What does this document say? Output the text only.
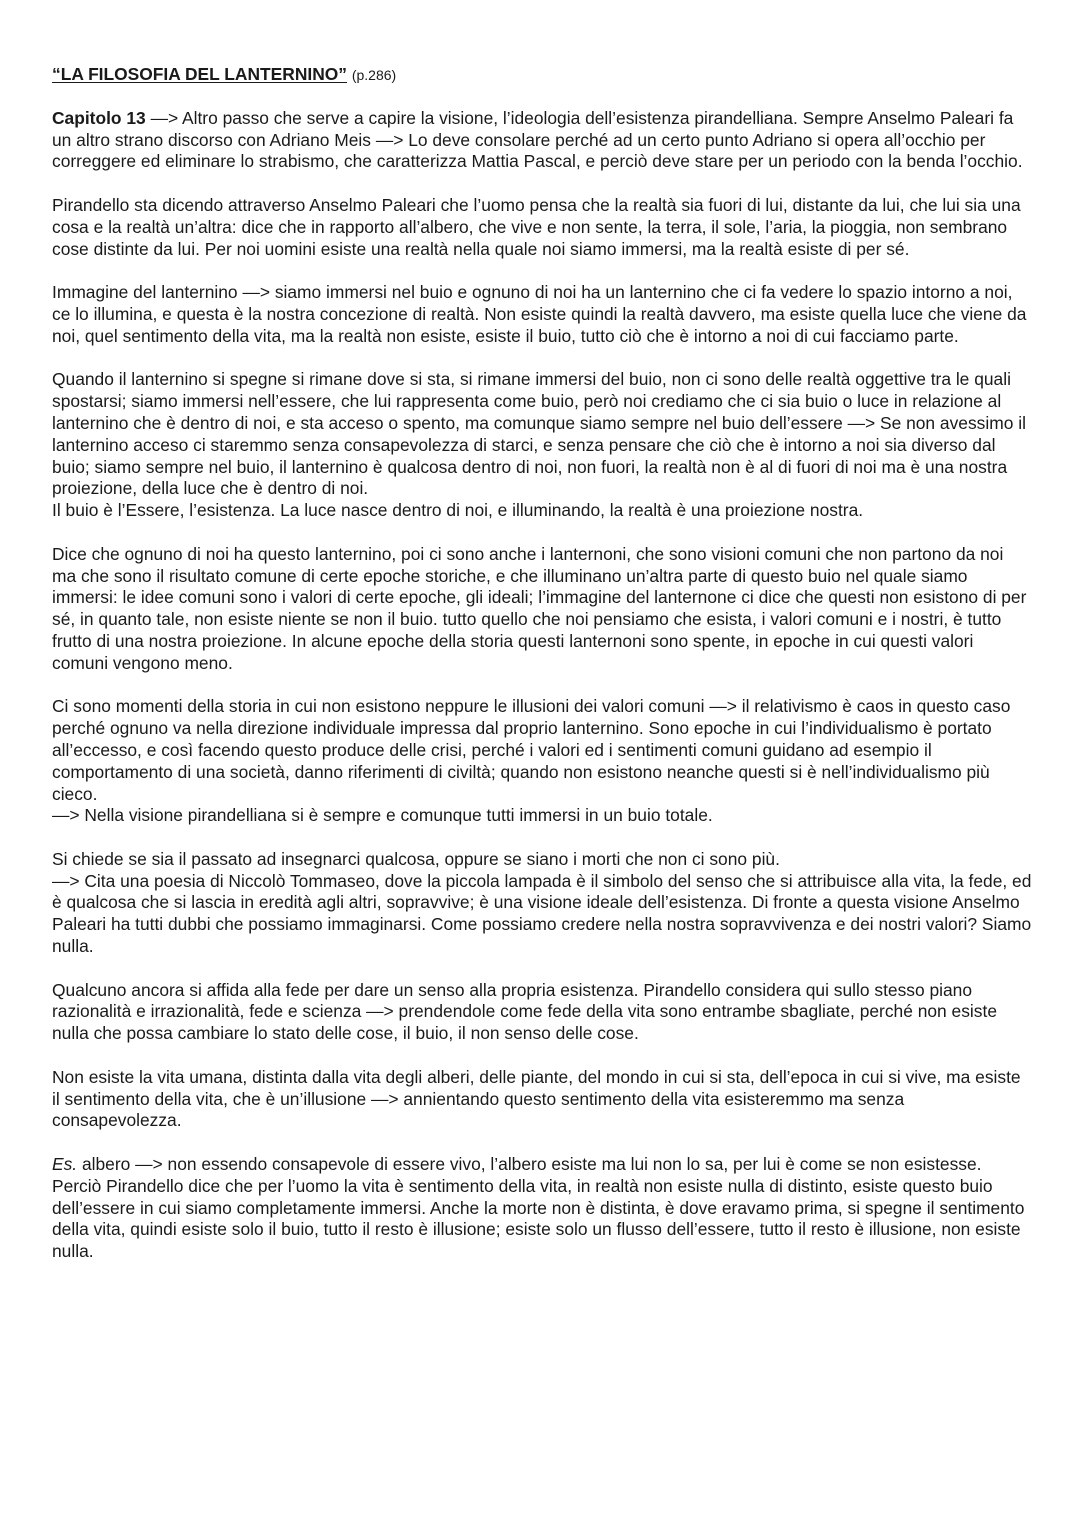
“LA FILOSOFIA DEL LANTERNINO” (p.286)

Capitolo 13 —> Altro passo che serve a capire la visione, l’ideologia dell’esistenza pirandelliana. Sempre Anselmo Paleari fa un altro strano discorso con Adriano Meis —> Lo deve consolare perché ad un certo punto Adriano si opera all’occhio per correggere ed eliminare lo strabismo, che caratterizza Mattia Pascal, e perciò deve stare per un periodo con la benda l’occhio.

Pirandello sta dicendo attraverso Anselmo Paleari che l’uomo pensa che la realtà sia fuori di lui, distante da lui, che lui sia una cosa e la realtà un’altra: dice che in rapporto all’albero, che vive e non sente, la terra, il sole, l’aria, la pioggia, non sembrano cose distinte da lui. Per noi uomini esiste una realtà nella quale noi siamo immersi, ma la realtà esiste di per sé.

Immagine del lanternino —> siamo immersi nel buio e ognuno di noi ha un lanternino che ci fa vedere lo spazio intorno a noi, ce lo illumina, e questa è la nostra concezione di realtà. Non esiste quindi la realtà davvero, ma esiste quella luce che viene da noi, quel sentimento della vita, ma la realtà non esiste, esiste il buio, tutto ciò che è intorno a noi di cui facciamo parte.

Quando il lanternino si spegne si rimane dove si sta, si rimane immersi del buio, non ci sono delle realtà oggettive tra le quali spostarsi; siamo immersi nell’essere, che lui rappresenta come buio, però noi crediamo che ci sia buio o luce in relazione al lanternino che è dentro di noi, e sta acceso o spento, ma comunque siamo sempre nel buio dell’essere —> Se non avessimo il lanternino acceso ci staremmo senza consapevolezza di starci, e senza pensare che ciò che è intorno a noi sia diverso dal buio; siamo sempre nel buio, il lanternino è qualcosa dentro di noi, non fuori, la realtà non è al di fuori di noi ma è una nostra proiezione, della luce che è dentro di noi.

Il buio è l’Essere, l’esistenza. La luce nasce dentro di noi, e illuminando, la realtà è una proiezione nostra.

Dice che ognuno di noi ha questo lanternino, poi ci sono anche i lanternoni, che sono visioni comuni che non partono da noi ma che sono il risultato comune di certe epoche storiche, e che illuminano un’altra parte di questo buio nel quale siamo immersi: le idee comuni sono i valori di certe epoche, gli ideali; l’immagine del lanternone ci dice che questi non esistono di per sé, in quanto tale, non esiste niente se non il buio. tutto quello che noi pensiamo che esista, i valori comuni e i nostri, è tutto frutto di una nostra proiezione. In alcune epoche della storia questi lanternoni sono spente, in epoche in cui questi valori comuni vengono meno.

Ci sono momenti della storia in cui non esistono neppure le illusioni dei valori comuni —> il relativismo è caos in questo caso perché ognuno va nella direzione individuale impressa dal proprio lanternino. Sono epoche in cui l’individualismo è portato all’eccesso, e così facendo questo produce delle crisi, perché i valori ed i sentimenti comuni guidano ad esempio il comportamento di una società, danno riferimenti di civiltà; quando non esistono neanche questi si è nell’individualismo più cieco.

—> Nella visione pirandelliana si è sempre e comunque tutti immersi in un buio totale.

Si chiede se sia il passato ad insegnarci qualcosa, oppure se siano i morti che non ci sono più.

—> Cita una poesia di Niccolò Tommaseo, dove la piccola lampada è il simbolo del senso che si attribuisce alla vita, la fede, ed è qualcosa che si lascia in eredità agli altri, sopravvive; è una visione ideale dell’esistenza. Di fronte a questa visione Anselmo Paleari ha tutti dubbi che possiamo immaginarsi. Come possiamo credere nella nostra sopravvivenza e dei nostri valori? Siamo nulla.

Qualcuno ancora si affida alla fede per dare un senso alla propria esistenza. Pirandello considera qui sullo stesso piano razionalità e irrazionalità, fede e scienza —> prendendole come fede della vita sono entrambe sbagliate, perché non esiste nulla che possa cambiare lo stato delle cose, il buio, il non senso delle cose.

Non esiste la vita umana, distinta dalla vita degli alberi, delle piante, del mondo in cui si sta, dell’epoca in cui si vive, ma esiste il sentimento della vita, che è un’illusione —> annientando questo sentimento della vita esisteremmo ma senza consapevolezza.

Es. albero —> non essendo consapevole di essere vivo, l’albero esiste ma lui non lo sa, per lui è come se non esistesse. Perciò Pirandello dice che per l’uomo la vita è sentimento della vita, in realtà non esiste nulla di distinto, esiste questo buio dell’essere in cui siamo completamente immersi. Anche la morte non è distinta, è dove eravamo prima, si spegne il sentimento della vita, quindi esiste solo il buio, tutto il resto è illusione; esiste solo un flusso dell’essere, tutto il resto è illusione, non esiste nulla.
